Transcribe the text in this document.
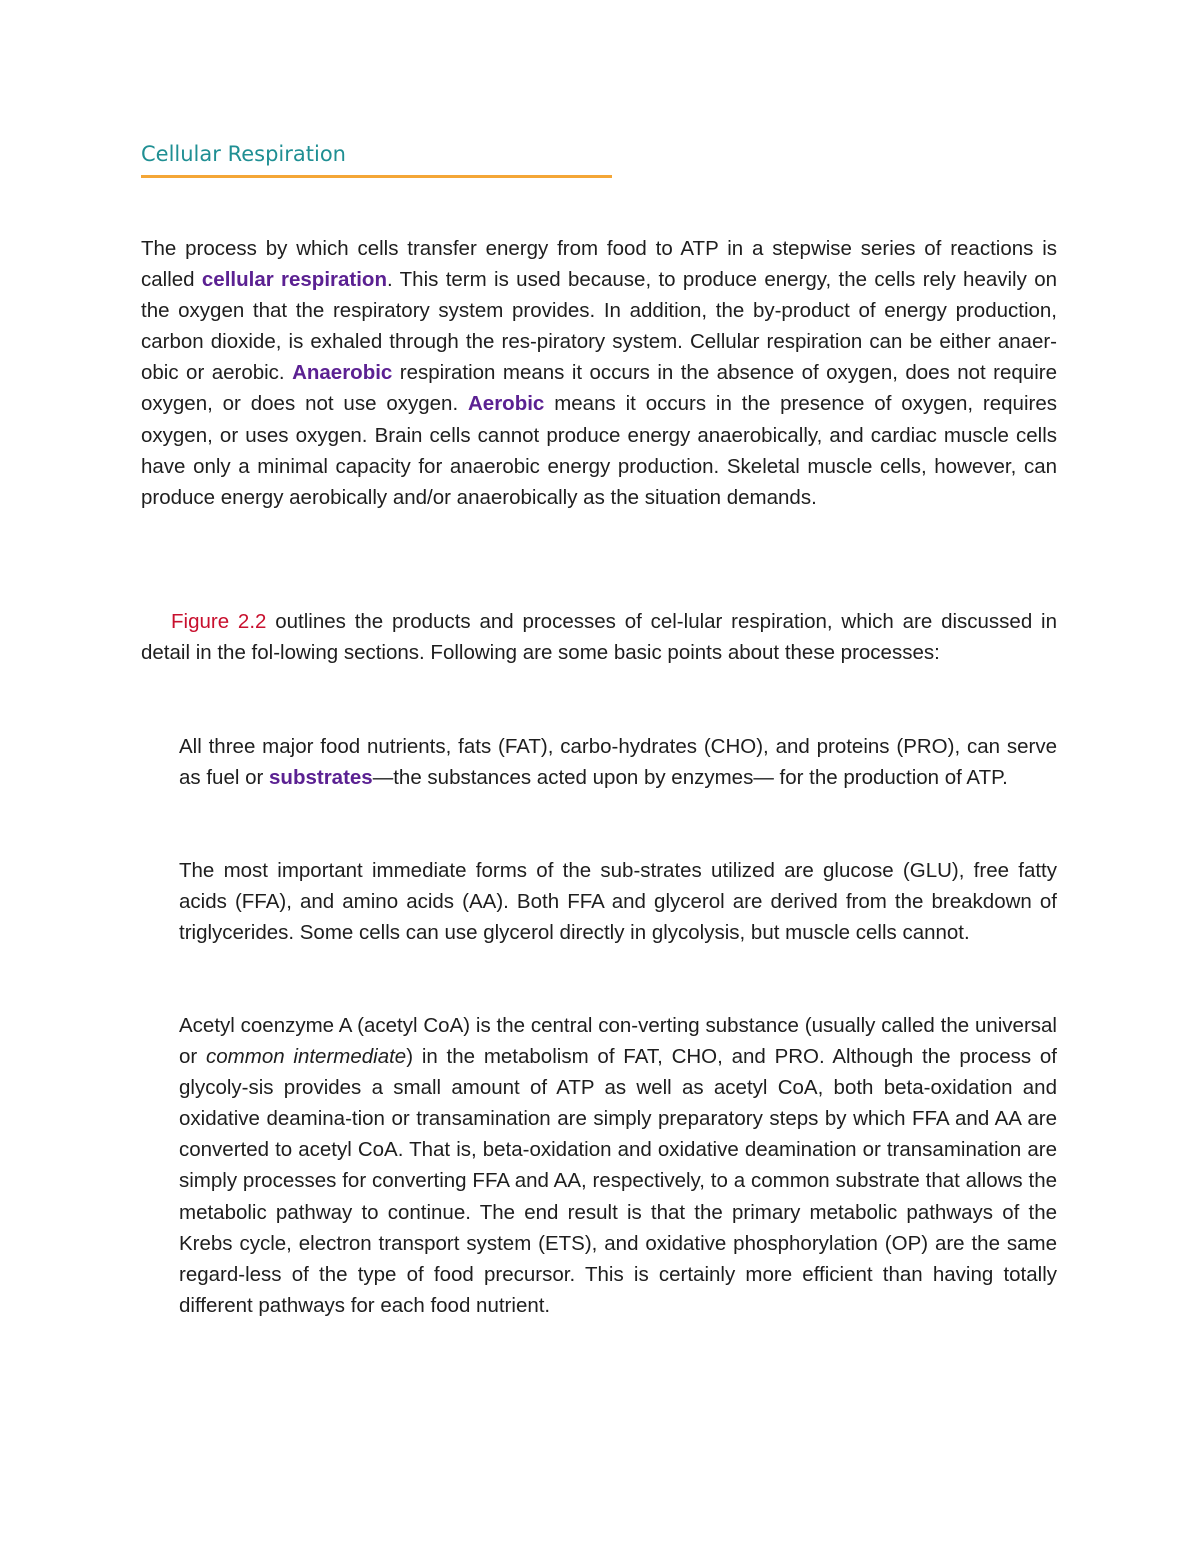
Cellular Respiration

The process by which cells transfer energy from food to ATP in a stepwise series of reactions is called cellular respiration. This term is used because, to produce energy, the cells rely heavily on the oxygen that the respiratory system provides. In addition, the by-product of energy production, carbon dioxide, is exhaled through the res-piratory system. Cellular respiration can be either anaer-obic or aerobic. Anaerobic respiration means it occurs in the absence of oxygen, does not require oxygen, or does not use oxygen. Aerobic means it occurs in the presence of oxygen, requires oxygen, or uses oxygen. Brain cells cannot produce energy anaerobically, and cardiac muscle cells have only a minimal capacity for anaerobic energy production. Skeletal muscle cells, however, can produce energy aerobically and/or anaerobically as the situation demands.

Figure 2.2 outlines the products and processes of cel-lular respiration, which are discussed in detail in the fol-lowing sections. Following are some basic points about these processes:

All three major food nutrients, fats (FAT), carbo-hydrates (CHO), and proteins (PRO), can serve as fuel or substrates—the substances acted upon by enzymes— for the production of ATP.

The most important immediate forms of the sub-strates utilized are glucose (GLU), free fatty acids (FFA), and amino acids (AA). Both FFA and glycerol are derived from the breakdown of triglycerides. Some cells can use glycerol directly in glycolysis, but muscle cells cannot.

Acetyl coenzyme A (acetyl CoA) is the central con-verting substance (usually called the universal or common intermediate) in the metabolism of FAT, CHO, and PRO. Although the process of glycoly-sis provides a small amount of ATP as well as acetyl CoA, both beta-oxidation and oxidative deamina-tion or transamination are simply preparatory steps by which FFA and AA are converted to acetyl CoA. That is, beta-oxidation and oxidative deamination or transamination are simply processes for converting FFA and AA, respectively, to a common substrate that allows the metabolic pathway to continue. The end result is that the primary metabolic pathways of the Krebs cycle, electron transport system (ETS), and oxidative phosphorylation (OP) are the same regard-less of the type of food precursor. This is certainly more efficient than having totally different pathways for each food nutrient.
